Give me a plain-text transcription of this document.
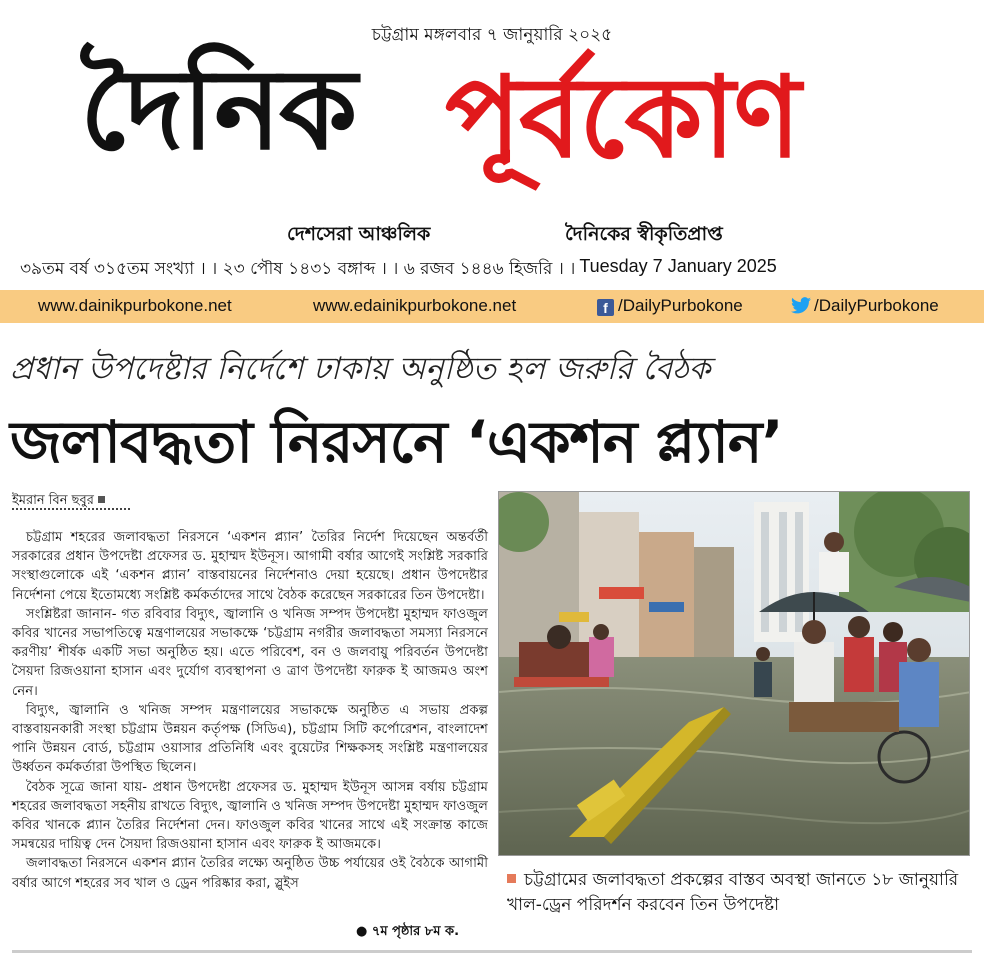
চট্টগ্রাম মঙ্গলবার ৭ জানুয়ারি ২০২৫
দৈনিক পূর্বকোণ
দেশসেরা আঞ্চলিক	দৈনিকের স্বীকৃতিপ্রাপ্ত
৩৯তম বর্ষ ৩১৫তম সংখ্যা । । ২৩ পৌষ ১৪৩১ বঙ্গাব্দ । । ৬ রজব ১৪৪৬ হিজরি । । Tuesday 7 January 2025
www.dainikpurbokone.net	www.edainikpurbokone.net	f /DailyPurbokone	/DailyPurbokone
প্রধান উপদেষ্টার নির্দেশে ঢাকায় অনুষ্ঠিত হল জরুরি বৈঠক
জলাবদ্ধতা নিরসনে ‘একশন প্ল্যান’
ইমরান বিন ছবুর

চট্টগ্রাম শহরের জলাবদ্ধতা নিরসনে ‘একশন প্ল্যান’ তৈরির নির্দেশ দিয়েছেন অন্তর্বর্তী সরকারের প্রধান উপদেষ্টা প্রফেসর ড. মুহাম্মদ ইউনূস। আগামী বর্ষার আগেই সংশ্লিষ্ট সরকারি সংস্থাগুলোকে এই ‘একশন প্ল্যান’ বাস্তবায়নের নির্দেশনাও দেয়া হয়েছে। প্রধান উপদেষ্টার নির্দেশনা পেয়ে ইতোমধ্যে সংশ্লিষ্ট কর্মকর্তাদের সাথে বৈঠক করেছেন সরকারের তিন উপদেষ্টা।

সংশ্লিষ্টরা জানান- গত রবিবার বিদ্যুৎ, জ্বালানি ও খনিজ সম্পদ উপদেষ্টা মুহাম্মদ ফাওজুল কবির খানের সভাপতিত্বে মন্ত্রণালয়ের সভাকক্ষে ‘চট্টগ্রাম নগরীর জলাবদ্ধতা সমস্যা নিরসনে করণীয়’ শীর্ষক একটি সভা অনুষ্ঠিত হয়। এতে পরিবেশ, বন ও জলবায়ু পরিবর্তন উপদেষ্টা সৈয়দা রিজওয়ানা হাসান এবং দুর্যোগ ব্যবস্থাপনা ও ত্রাণ উপদেষ্টা ফারুক ই আজমও অংশ নেন।

বিদ্যুৎ, জ্বালানি ও খনিজ সম্পদ মন্ত্রণালয়ের সভাকক্ষে অনুষ্ঠিত এ সভায় প্রকল্প বাস্তবায়নকারী সংস্থা চট্টগ্রাম উন্নয়ন কর্তৃপক্ষ (সিডিএ), চট্টগ্রাম সিটি কর্পোরেশন, বাংলাদেশ পানি উন্নয়ন বোর্ড, চট্টগ্রাম ওয়াসার প্রতিনিধি এবং বুয়েটের শিক্ষকসহ সংশ্লিষ্ট মন্ত্রণালয়ের উর্ধ্বতন কর্মকর্তারা উপস্থিত ছিলেন।

বৈঠক সূত্রে জানা যায়- প্রধান উপদেষ্টা প্রফেসর ড. মুহাম্মদ ইউনূস আসন্ন বর্ষায় চট্টগ্রাম শহরের জলাবদ্ধতা সহনীয় রাখতে বিদ্যুৎ, জ্বালানি ও খনিজ সম্পদ উপদেষ্টা মুহাম্মদ ফাওজুল কবির খানকে প্ল্যান তৈরির নির্দেশনা দেন। ফাওজুল কবির খানের সাথে এই সংক্রান্ত কাজে সমন্বয়ের দায়িত্ব দেন সৈয়দা রিজওয়ানা হাসান এবং ফারুক ই আজমকে।

জলাবদ্ধতা নিরসনে একশন প্ল্যান তৈরির লক্ষ্যে অনুষ্ঠিত উচ্চ পর্যায়ের ওই বৈঠকে আগামী বর্ষার আগে শহরের সব খাল ও ড্রেন পরিষ্কার করা, স্লুইস

● ৭ম পৃষ্ঠার ৮ম ক.
চট্টগ্রামের জলাবদ্ধতা প্রকল্পের বাস্তব অবস্থা জানতে ১৮ জানুয়ারি খাল-ড্রেন পরিদর্শন করবেন তিন উপদেষ্টা
